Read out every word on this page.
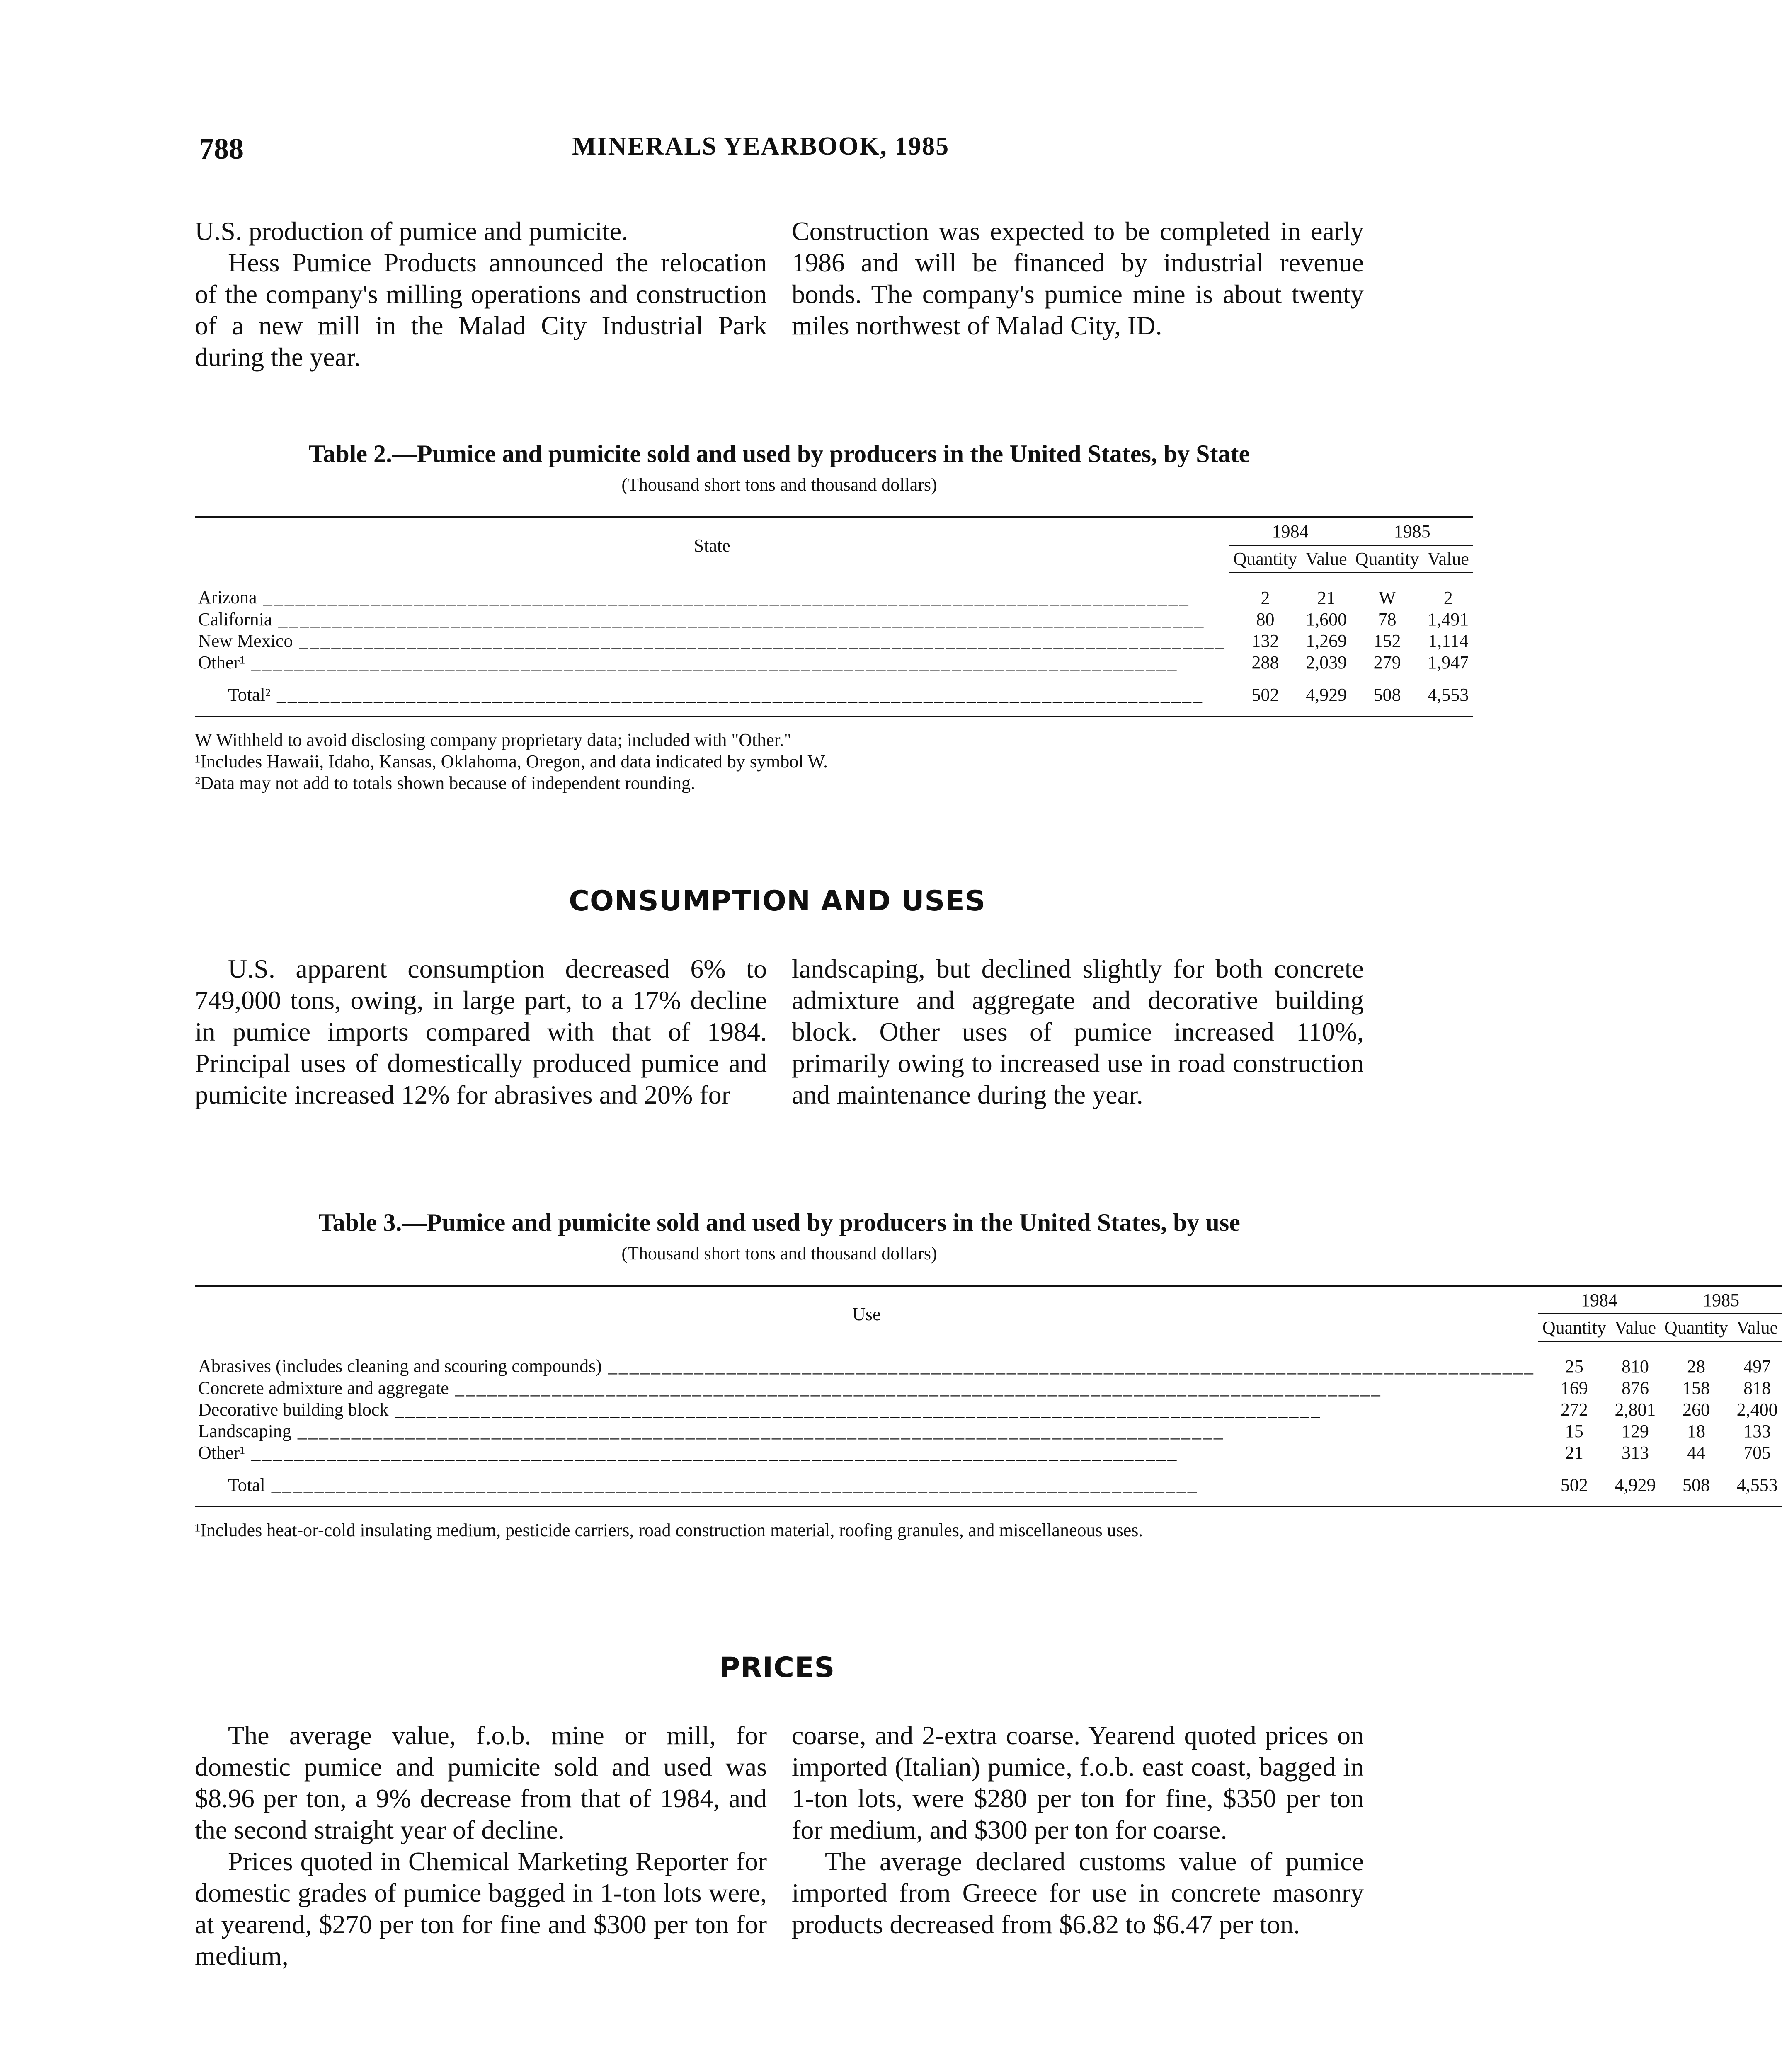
788	MINERALS YEARBOOK, 1985

U.S. production of pumice and pumicite.

Hess Pumice Products announced the relocation of the company's milling operations and construction of a new mill in the Malad City Industrial Park during the year.

Construction was expected to be completed in early 1986 and will be financed by industrial revenue bonds. The company's pumice mine is about twenty miles northwest of Malad City, ID.

Table 2.—Pumice and pumicite sold and used by producers in the United States, by State
(Thousand short tons and thousand dollars)
State	1984		1985	
	Quantity	Value	Quantity	Value
Arizona _____	2	21	W	2
California _____	80	1,600	78	1,491
New Mexico _____	132	1,269	152	1,114
Other¹ _____	288	2,039	279	1,947
Total² _____	502	4,929	508	4,553

W Withheld to avoid disclosing company proprietary data; included with "Other."

¹Includes Hawaii, Idaho, Kansas, Oklahoma, Oregon, and data indicated by symbol W.

²Data may not add to totals shown because of independent rounding.

CONSUMPTION AND USES

U.S. apparent consumption decreased 6% to 749,000 tons, owing, in large part, to a 17% decline in pumice imports compared with that of 1984. Principal uses of domestically produced pumice and pumicite increased 12% for abrasives and 20% for

landscaping, but declined slightly for both concrete admixture and aggregate and decorative building block. Other uses of pumice increased 110%, primarily owing to increased use in road construction and maintenance during the year.

Table 3.—Pumice and pumicite sold and used by producers in the United States, by use
(Thousand short tons and thousand dollars)
Use	1984		1985	
	Quantity	Value	Quantity	Value
Abrasives (includes cleaning and scouring compounds) _____	25	810	28	497
Concrete admixture and aggregate _____	169	876	158	818
Decorative building block _____	272	2,801	260	2,400
Landscaping _____	15	129	18	133
Other¹ _____	21	313	44	705
Total _____	502	4,929	508	4,553

¹Includes heat-or-cold insulating medium, pesticide carriers, road construction material, roofing granules, and miscellaneous uses.

PRICES

The average value, f.o.b. mine or mill, for domestic pumice and pumicite sold and used was $8.96 per ton, a 9% decrease from that of 1984, and the second straight year of decline.

Prices quoted in Chemical Marketing Reporter for domestic grades of pumice bagged in 1-ton lots were, at yearend, $270 per ton for fine and $300 per ton for medium,

coarse, and 2-extra coarse. Yearend quoted prices on imported (Italian) pumice, f.o.b. east coast, bagged in 1-ton lots, were $280 per ton for fine, $350 per ton for medium, and $300 per ton for coarse.

The average declared customs value of pumice imported from Greece for use in concrete masonry products decreased from $6.82 to $6.47 per ton.
